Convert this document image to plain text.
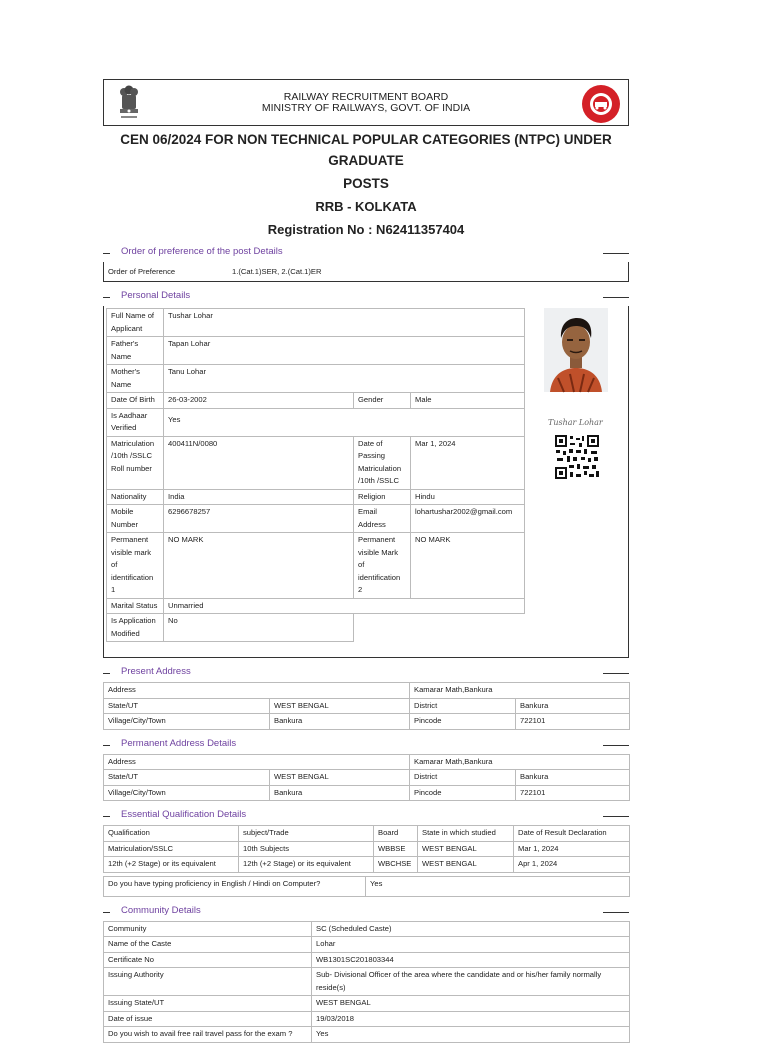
RAILWAY RECRUITMENT BOARD
MINISTRY OF RAILWAYS, GOVT. OF INDIA
CEN 06/2024 FOR NON TECHNICAL POPULAR CATEGORIES (NTPC) UNDER GRADUATE
POSTS
RRB - KOLKATA
Registration No : N62411357404
Order of preference of the post Details
Order of Preference	1.(Cat.1)SER, 2.(Cat.1)ER
Personal Details
Full Name of Applicant	Tushar Lohar		
Father's Name	Tapan Lohar		
Mother's Name	Tanu Lohar		
Date Of Birth	26-03-2002	Gender	Male
Is Aadhaar Verified	Yes		
Matriculation /10th /SSLC Roll number	400411N/0080	Date of Passing Matriculation /10th /SSLC	Mar 1, 2024
Nationality	India	Religion	Hindu
Mobile Number	6296678257	Email Address	lohartushar2002@gmail.com
Permanent visible mark of identification 1	NO MARK	Permanent visible Mark of identification 2	NO MARK
Marital Status	Unmarried		
Is Application Modified	No		
Tushar Lohar
Present Address
Address		Kamarar Math,Bankura	
State/UT	WEST BENGAL	District	Bankura
Village/City/Town	Bankura	Pincode	722101
Permanent Address Details
Address		Kamarar Math,Bankura	
State/UT	WEST BENGAL	District	Bankura
Village/City/Town	Bankura	Pincode	722101
Essential Qualification Details
Qualification	subject/Trade	Board	State in which studied	Date of Result Declaration
Matriculation/SSLC	10th Subjects	WBBSE	WEST BENGAL	Mar 1, 2024
12th (+2 Stage) or its equivalent	12th (+2 Stage) or its equivalent	WBCHSE	WEST BENGAL	Apr 1, 2024
Do you have typing proficiency in English / Hindi on Computer?	Yes
Community Details
Community	SC (Scheduled Caste)
Name of the Caste	Lohar
Certificate No	WB1301SC201803344
Issuing Authority	Sub- Divisional Officer of the area where the candidate and or his/her family normally reside(s)
Issuing State/UT	WEST BENGAL
Date of issue	19/03/2018
Do you wish to avail free rail travel pass for the exam ?	Yes
